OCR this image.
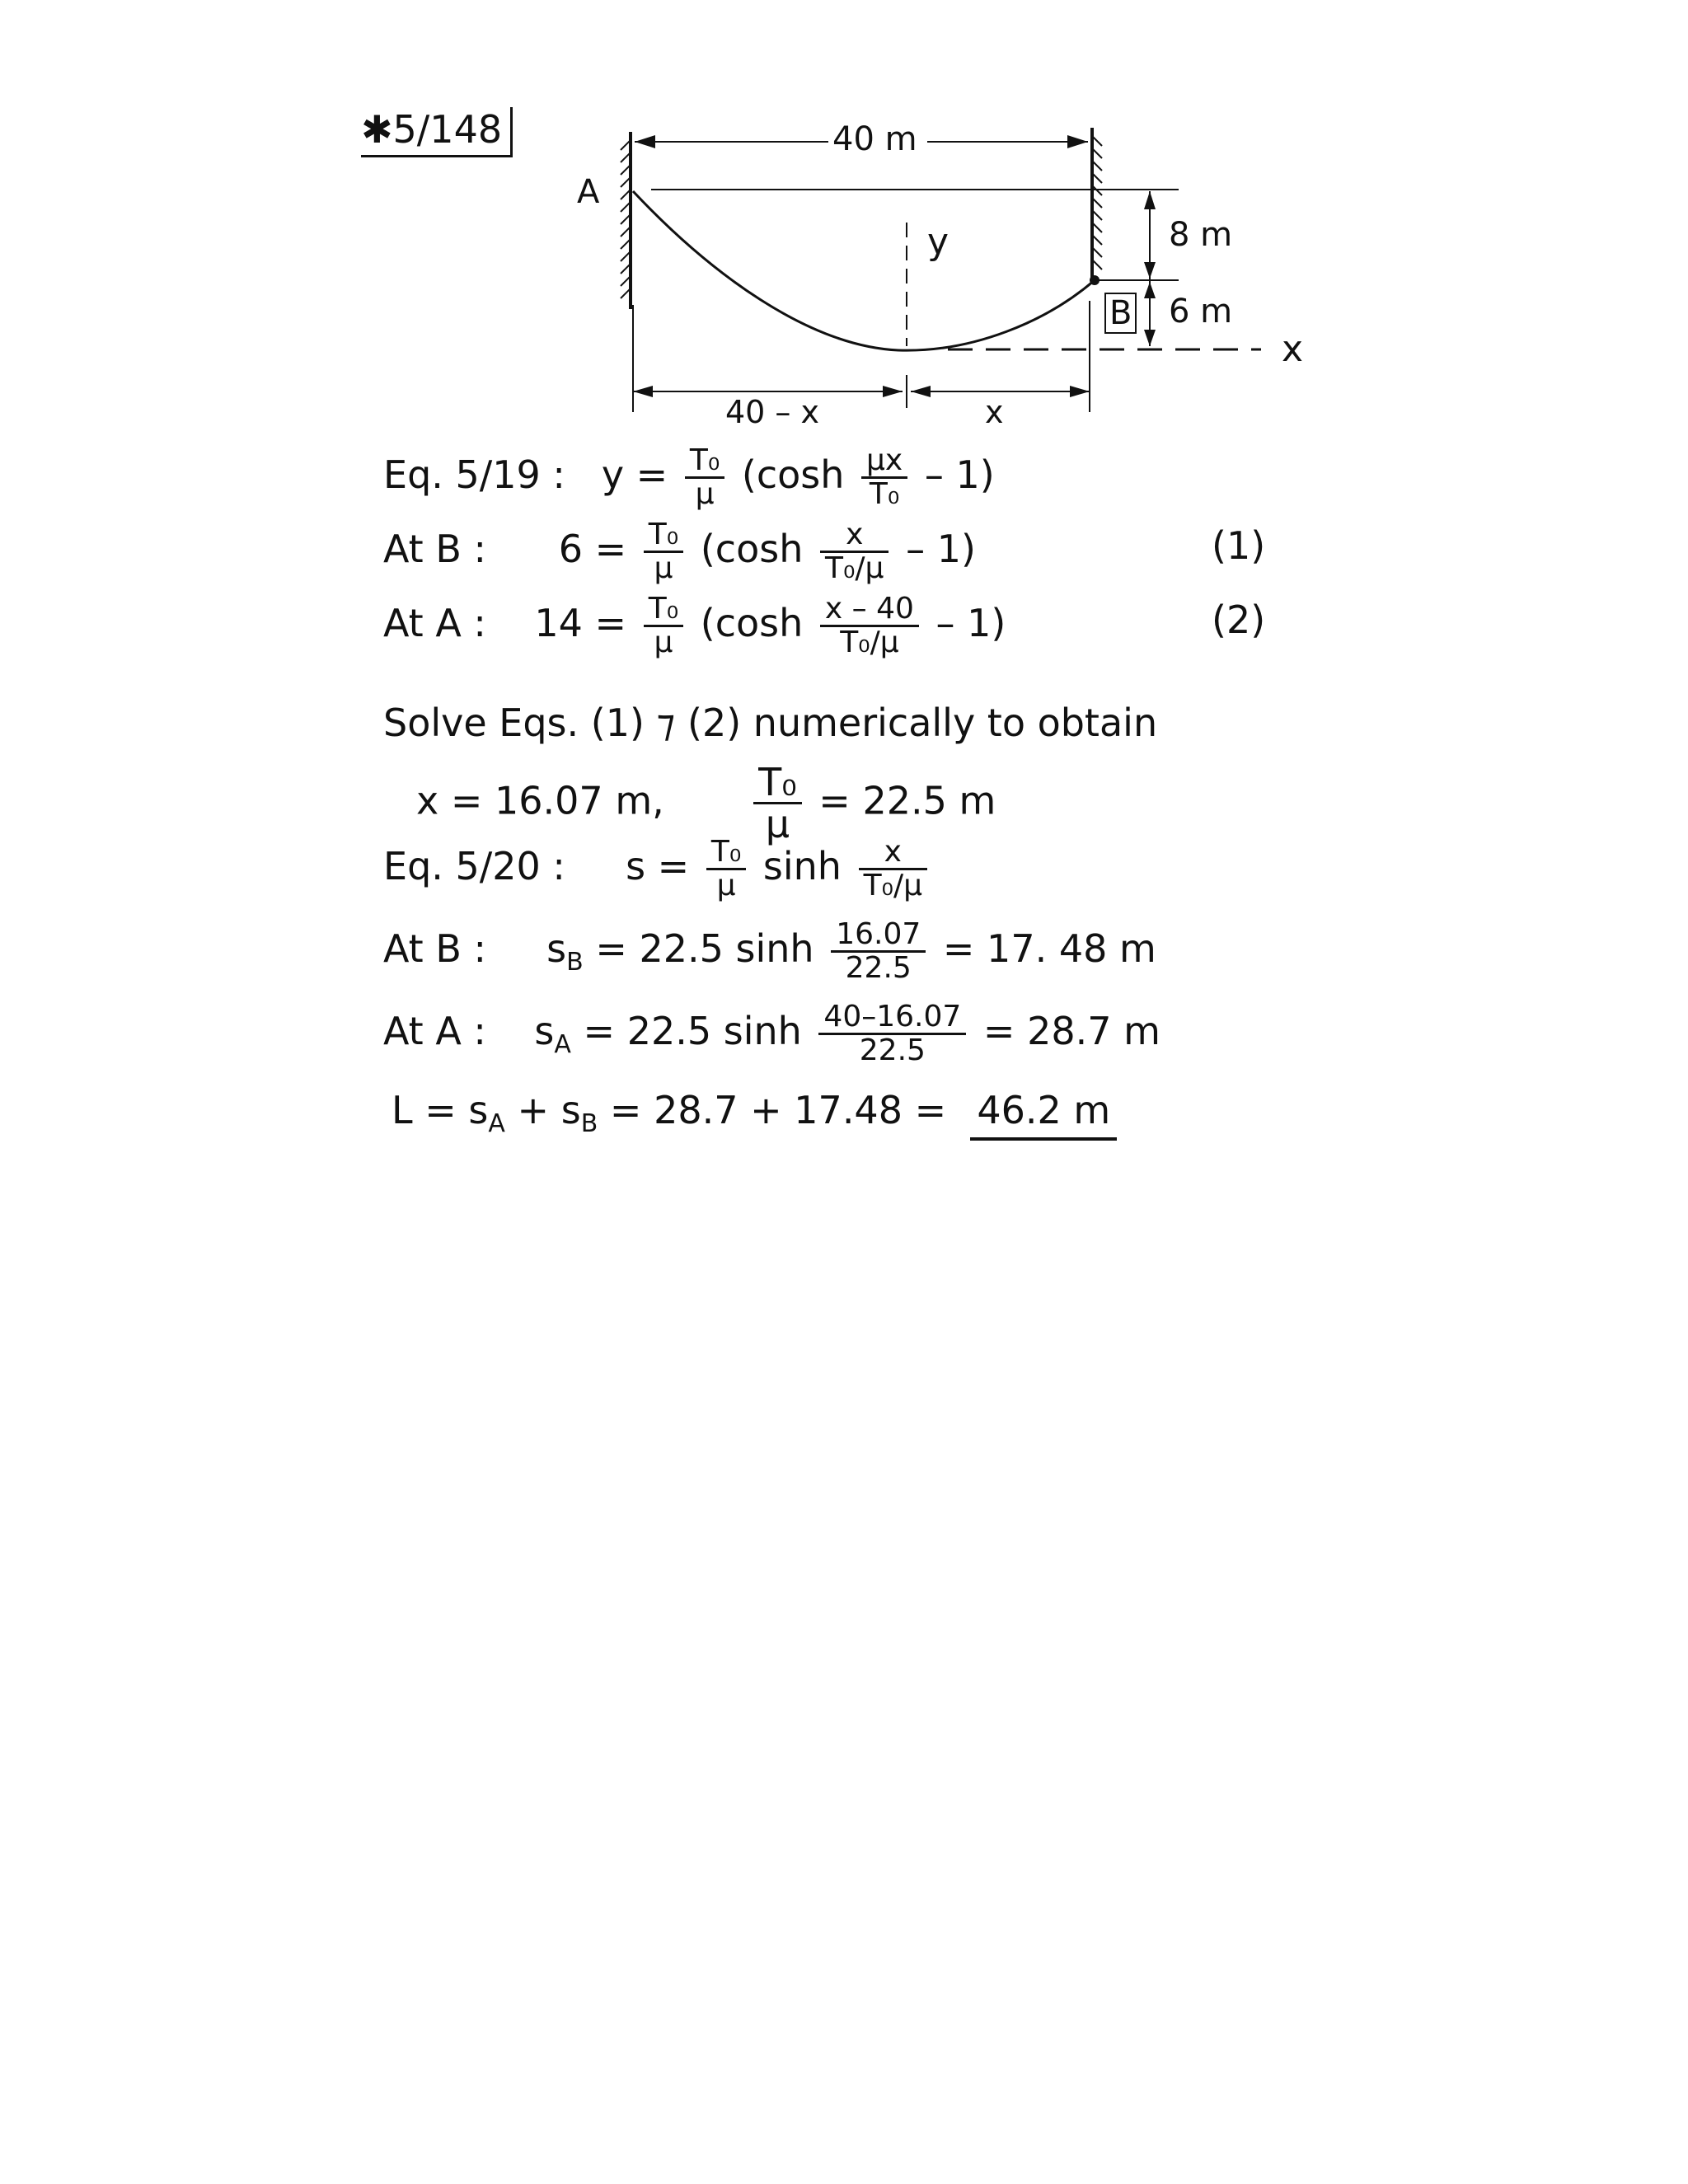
✱5/148	40 m
A
B
y
x
8 m
6 m
40 – x	x
Eq. 5/19 : $y = \frac{\text{T₀}}{\mu} (\cosh \frac{\mu x}{\text{T₀}} - 1)$
At B : $6 = \frac{\text{T₀}}{\mu} (\cosh \frac{x}{\text{T₀/μ}} - 1)$	(1)
At A : $14 = \frac{\text{T₀}}{\mu} (\cosh \frac{x - 40}{\text{T₀/μ}} - 1)$	(2)
Solve Eqs. (1) ⁊ (2) numerically to obtain
x = 16.07 m, $\frac{\text{T₀}}{\mu} = 22.5$ m
Eq. 5/20 : $s = \frac{\text{T₀}}{\mu}$ $\sinh \frac{x}{\text{T₀/μ}}$
At B : $s_B = 22.5$ $\sinh \frac{16.07}{22.5} = 17$. 48 m
At A : $s_A = 22.5$ $\sinh \frac{40-16.07}{22.5} = 28.7$ m
$L = s_A + s_B = 28.7 + 17.48 = 46.2$ m
